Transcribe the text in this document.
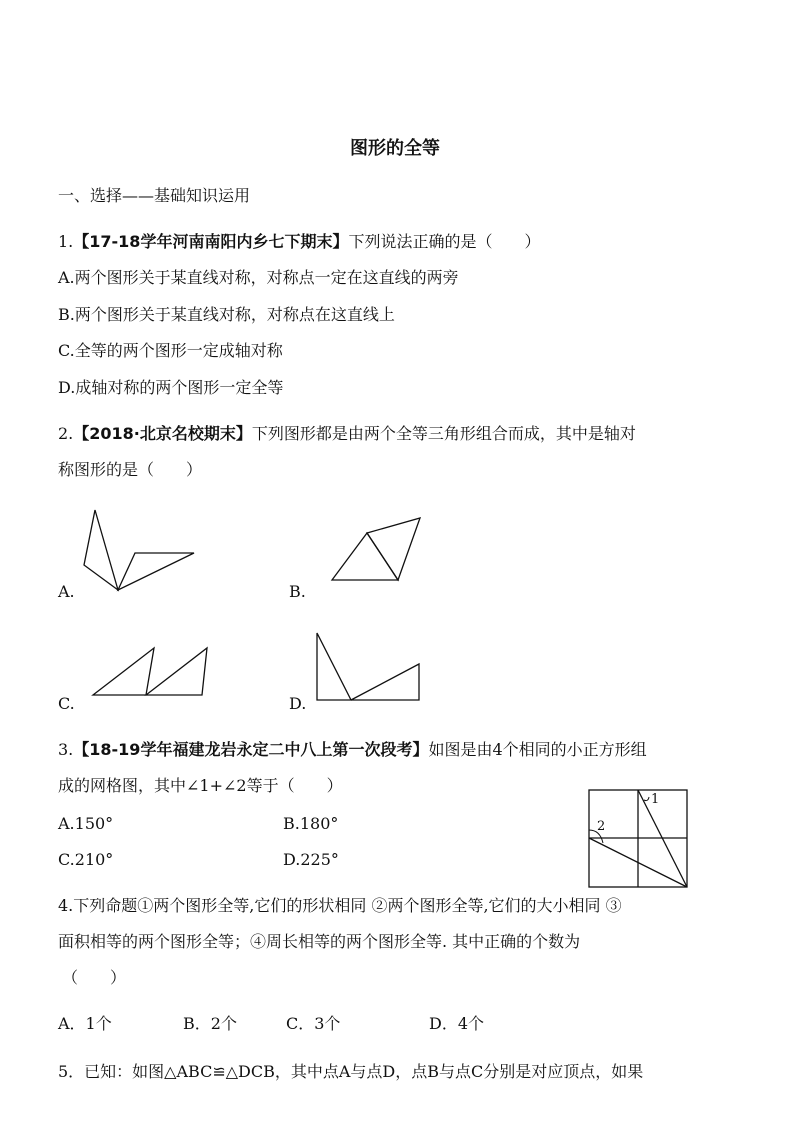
图形的全等
一、选择——基础知识运用
1.【17-18学年河南南阳内乡七下期末】下列说法正确的是（　　）
A.两个图形关于某直线对称，对称点一定在这直线的两旁
B.两个图形关于某直线对称，对称点在这直线上
C.全等的两个图形一定成轴对称
D.成轴对称的两个图形一定全等
2.【2018·北京名校期末】下列图形都是由两个全等三角形组合而成，其中是轴对
称图形的是（　　）
A.	B.
C.	D.
3.【18-19学年福建龙岩永定二中八上第一次段考】如图是由4个相同的小正方形组
成的网格图，其中∠1+∠2等于（　　）
A.150°	B.180°
C.210°	D.225°
1
2
4.下列命题①两个图形全等,它们的形状相同 ②两个图形全等,它们的大小相同 ③
面积相等的两个图形全等；④周长相等的两个图形全等. 其中正确的个数为
（　　）
A．1个	B．2个	C．3个	D．4个
5．已知：如图△ABC≌△DCB，其中点A与点D，点B与点C分别是对应顶点，如果
